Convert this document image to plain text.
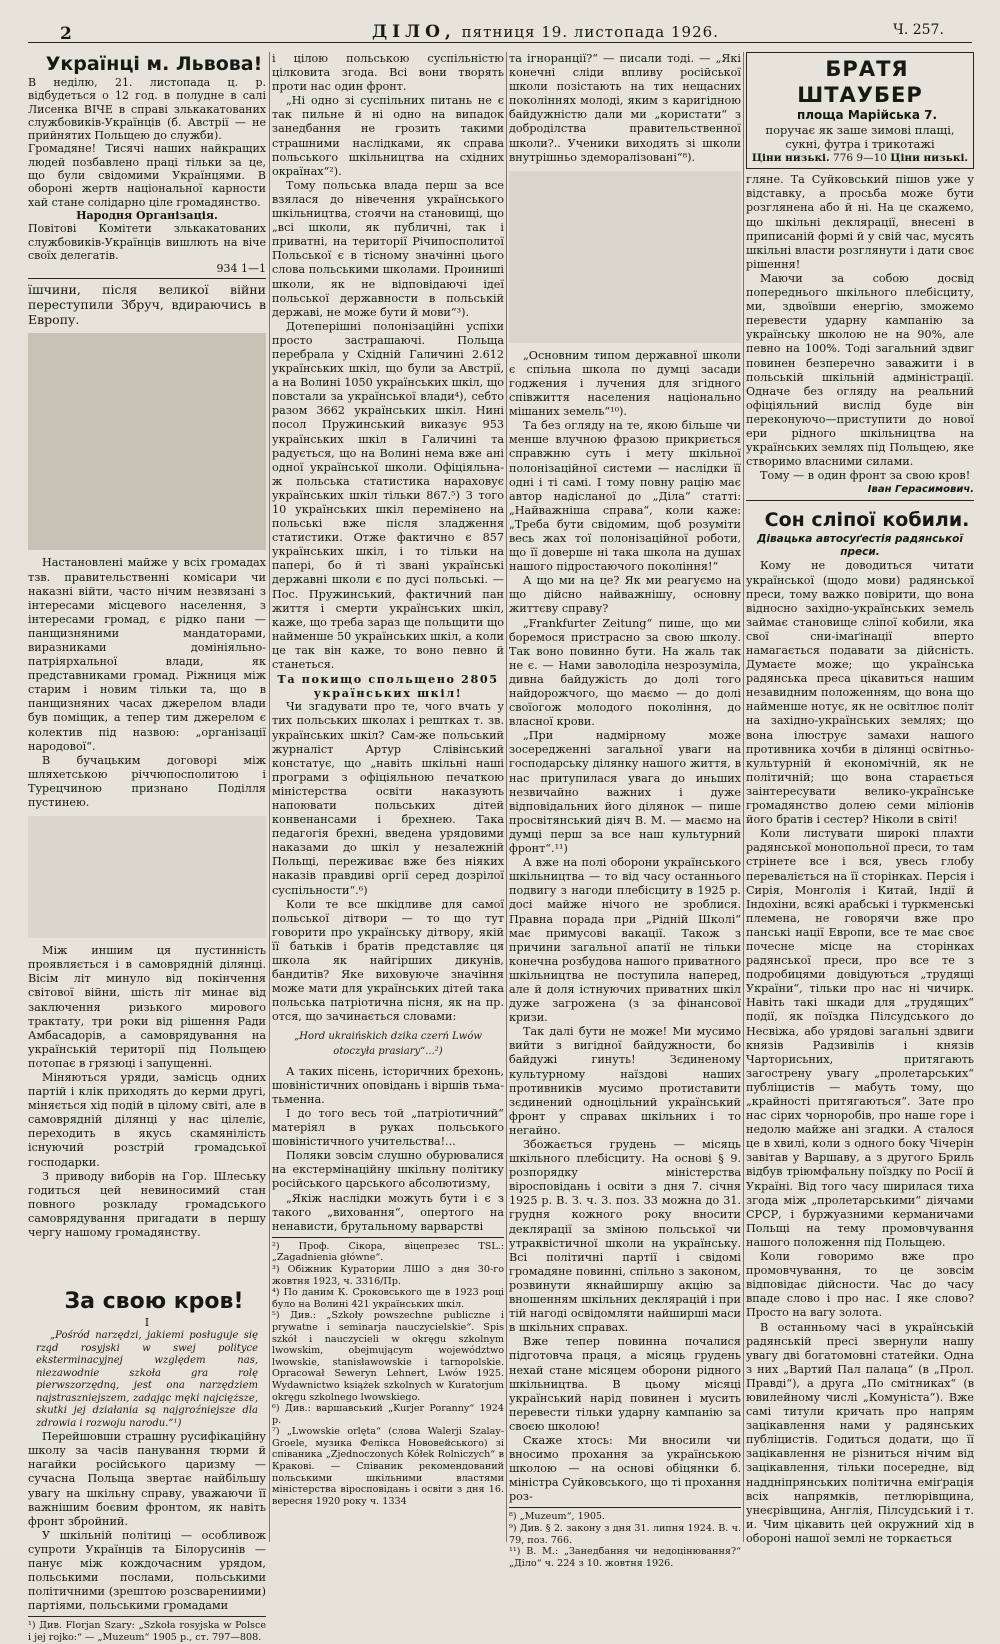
2	ДІЛО, пятниця 19. листопада 1926.	Ч. 257.

Українці м. Львова!

В неділю, 21. листопада ц. р. відбудеться о 12 год. в полудне в салі Лисенка ВІЧЕ в справі злькакатованих службовиків-Українців (б. Австрії — не прийнятих Польщею до служби).
Громадяне! Тисячі наших найкращих людей позбавлено праці тільки за це, що були свідомими Українцями. В обороні жертв національної карности хай стане солідарно ціле громадянство.

Народня Організація.

Повітові Комітети злькакатованих службовиків-Українців вишлють на віче своїх делегатів.

934 1—1

їшчини, після великої війни переступили Збруч, вдираючись в Европу.

Настановлені майже у всіх громадах тзв. правительственні комісари чи наказні війти, часто нічим незвязані з інтересами місцевого населення, з інтересами громад, є рідко пани — панщизняними мандаторами, виразниками домініяльно-патріярхальної влади, як представниками громад. Ріжниця між старим і новим тільки та, що в панщизняних часах джерелом влади був поміщик, а тепер тим джерелом є колектив під назвою: „організації народової“.

В бучацьким договорі між шляхетською річчюпосполитою і Турецчиною признано Поділля пустинею.

Між иншим ця пустинність проявляється і в самоврядній ділянці. Вісім літ минуло від покінчення світової війни, шість літ минає від заключення ризького мирового трактату, три роки від рішення Ради Амбасадорів, а самоврядування на українській території під Польщею потопає в грязюці і запущенні.

Міняються уряди, замісць одних партій і клік приходять до керми другі, міняється хід подій в цілому світі, але в самоврядній ділянці у нас цілеліє, переходить в якусь скамянілість існуючий розстрій громадської господарки.

З приводу виборів на Гор. Шлеську годиться цей невиносимий стан повного розкладу громадського самоврядування пригадати в першу чергу нашому громадянству.

За свою кров!

I

„Pośród narzędzi, jakiemi posługuje się rząd rosyjski w swej polityce eksterminacyjnej względem nas, niezawodnie szkoła gra rolę pierwszorzędną, jest ona narzędziem najstraszniejszem, zadając męki najcięższe, skutki jej działania są najgroźniejsze dla zdrowia i rozwoju narodu.“¹)

Перейшовши страшну русифікаційну школу за часів панування тюрми й нагайки російського царизму — сучасна Польща звертає найбільшу увагу на шкільну справу, уважаючи її важнішим боєвим фронтом, як навіть фронт збройний.

У шкільній політиці — особливож супроти Українців та Білорусинів — панує між кождочасним урядом, польськими послами, польськими політичними (зрештою розсварениими) партіями, польськими громадами

¹) Див. Florjan Szary: „Szkoła rosyjska w Polsce i jej rojko:“ — „Muzeum“ 1905 р., ст. 797—808.

і цілою польською суспільністю цілковита згода. Всі вони творять проти нас один фронт.

„Ні одно зі суспільних питань не є так пильне й ні одно на випадок занедбання не грозить такими страшними наслідками, як справа польського шкільництва на східних окраїнах“²).

Тому польська влада перш за все взялася до нівечення українського шкільництва, стоячи на становищі, що „всі школи, як публичні, так і приватні, на території Річипосполитої Польської є в тісному значінні цього слова польськими школами. Проиниші школи, як не відповідаючі ідеї польської державности в польській державі, не може бути й мови“³).

Дотеперішні полонізаційні успіхи просто застрашаючі. Польща перебрала у Східній Галичині 2.612 українських шкіл, що були за Австрії, а на Волині 1050 українських шкіл, що повстали за української влади⁴), себто разом 3662 українських шкіл. Нині посол Пружинський виказує 953 українських шкіл в Галичині та радується, що на Волині нема вже ані одної української школи. Офіціяльна-ж польська статистика нараховує українських шкіл тільки 867.⁵) З того 10 українських шкіл перемінено на польські вже після зладження статистики. Отже фактично є 857 українських шкіл, і то тільки на папері, бо й ті звані українські державні школи є по дусі польські. — Пос. Пружинський, фактичний пан життя і смерти українських шкіл, каже, що треба зараз ще польщити що найменше 50 українських шкіл, а коли це так він каже, то воно певно й станеться.

Та покищо спольщено 2805 українських шкіл!

Чи згадувати про те, чого вчать у тих польських школах і рештках т. зв. українських шкіл? Сам-же польський журналіст Артур Слівінський констатує, що „навіть шкільні наші програми з офіціяльною печаткою міністерства освіти наказують напоювати польських дітей конвенансами і брехнею. Така педагогія брехні, введена урядовими наказами до шкіл у незалежній Польщі, переживає вже без ніяких наказів правдиві оргії серед дозрілої суспільности“.⁶)

Коли те все шкідливе для самої польської дітвори — то що тут говорити про українську дітвору, якій її батьків і братів представляє ця школа як найгірших дикунів, бандитів? Яке виховуюче значіння може мати для українських дітей така польська патріотична пісня, як на пр. отся, що зачинається словами:

„Hord ukraińskich dzika czerń Lwów otoczyła prasiary“...²)

А таких пісень, історичних брехонь, шовіністичних оповідань і віршів тьма-тьменна.

І до того весь той „патріотичний“ матеріял в руках польського шовіністичного учительства!...

Поляки зовсім слушно обурювалися на екстермінаційну шкільну політику російського царського абсолютизму,

„Якіж наслідки можуть бути і є з такого „виховання“, опертого на ненависти, брутальному варварстві

²) Проф. Сікора, віцепрезес TSL.: „Zagadnienia główne“.
³) Обіжник Куратории ЛШО з дня 30-го жовтня 1923, ч. 3316/Пр.
⁴) По даним К. Сроковського ще в 1923 році було на Волині 421 українських шкіл.
⁵) Див.: „Szkoły powszechne publiczne i prywatne i seminarja nauczycielskie“. Spis szkół i nauczycieli w okręgu szkolnym lwowskim, obejmującym województwo lwowskie, stanisławowskie i tarnopolskie. Opracował Seweryn Lehnert, Lwów 1925. Wydawnictwo książek szkolnych w Kuratorjum okręgu szkolnego lwowskiego.
⁶) Див.: варшавський „Kurjer Poranny“ 1924 р.
⁷) „Lwowskie orlęta“ (слова Walerji Szalay-Groele, музика Фелікса Нововейського) зі співаника „Zjednoczonych Kółek Rolniczych“ в Кракові. — Співаник рекомендований польськими шкільними властями міністерства віросповідань і освіти з дня 16. вересня 1920 року ч. 1334

та ігноранції?“ — писали тоді. — „Які конечні сліди впливу російської школи позістають на тих нещасних поколіннях молоді, яким з каригідною байдужністю дали ми „користати“ з доброділства правительственної школи?.. Ученики виходять зі школи внутрішньо здеморалізовані“⁸).

„Основним типом державної школи є спільна школа по думці засади годжения і лучения для згідного співжиття населения національно мішаних земель“¹⁰).

Та без огляду на те, якою більше чи менше влучною фразою прикриється справжню суть і мету шкільної полонізаційної системи — наслідки її одні і ті самі. І тому повну рацію має автор надісланої до „Діла“ статті: „Найважніша справа“, коли каже: „Треба бути свідомим, щоб розуміти весь жах тої полонізаційної роботи, що її доверше ні така школа на душах нашого підростаючого покоління!“

А що ми на це? Як ми реагуємо на що дійсно найважнішу, основну життєву справу?

„Frankfurter Zeitung“ пише, що ми боремося пристрасно за свою школу. Так воно повинно бути. На жаль так не є. — Нами заволоділа незрозуміла, дивна байдужість до долі того найдорожчого, що маємо — до долі своїогож молодого покоління, до власної крови.

„При надмірному може зосередженні загальної уваги на господарську ділянку нашого життя, в нас притупилася увага до иньших незвичайно важних і дуже відповідальних його ділянок — пише просвітянський діяч В. М. — маємо на думці перш за все наш культурний фронт“.¹¹)

А вже на полі оборони українського шкільництва — то від часу останнього подвигу з нагоди плебісциту в 1925 р. досі майже нічого не зроблися. Правна порада при „Рідній Школі“ має примусові вакації. Також з причини загальної апатії не тільки конечна розбудова нашого приватного шкільництва не поступила наперед, але й доля істнуючих приватних шкіл дуже загрожена (з за фінансової кризи.

Так далі бути не може! Ми мусимо вийти з вигідної байдужности, бо байдужі гинуть! Зєдиненому культурному наїздові наших противників мусимо протиставити зєдинений одноцільний український фронт у справах шкільних і то негайно.

Збожається грудень — місяць шкільного плебісциту. На основі § 9. розпорядку міністерства віросповідань і освіти з дня 7. січня 1925 р. В. З. ч. 3. поз. 33 можна до 31. грудня кожного року вносити деклярації за зміною польської чи утраквістичної школи на українську. Всі політичні партії і свідомі громадяне повинні, спільно з законом, розвинути якнайширшу акцію за вношенням шкільних деклярацій і при тій нагоді освідомляти найширші маси в шкільних справах.

Вже тепер повинна почалися підготовча праця, а місяць грудень нехай стане місяцем оборони рідного шкільництва. В цьому місяці український нарід повинен і мусить перевести тільки ударну кампанію за своєю школою!

Скаже хтось: Ми вносили чи вносимо прохання за українською школою — на основі обіцянки б. міністра Суйковського, що ті прохання роз-

⁸) „Muzeum“, 1905.
⁹) Див. § 2. закону з дня 31. липня 1924. В. ч. 79, поз. 766.
¹¹) В. М.: „Занедбання чи недоцінювання?“ „Діло“ ч. 224 з 10. жовтня 1926.

БРАТЯ ШТАУБЕР

площа Марійська 7.

поручає як заше зимові плащі, сукні, футра і трикотажі

Ціни низькі. 776 9—10 Ціни низькі.

гляне. Та Суйковський пішов уже у відставку, а просьба може бути розглянена або й ні. На це скажемо, що шкільні деклярації, внесені в приписаній формі й у свій час, мусять шкільні власти розглянути і дати своє рішення!

Маючи за собою досвід попереднього шкільного плебісциту, ми, здвоївши енергію, зможемо перевести ударну кампанію за українську школою не на 90%, але певно на 100%. Тоді загальний здвиг повинен безперечно заважити і в польській шкільній адміністрації. Одначе без огляду на реальний офіціяльний вислід буде він переконуючо—приступити до нової ери рідного шкільництва на українських землях під Польщею, яке створимо власними силами.

Тому — в один фронт за свою кров!

Іван Герасимович.

Сон сліпої кобили.

Дівацька автосуґестія радянської преси.

Кому не доводиться читати української (щодо мови) радянської преси, тому важко повірити, що вона відносно західно-українських земель займає становище сліпої кобили, яка свої сни-імаґінації вперто намагається подавати за дійсність. Думаєте може; що українська радянська преса цікавиться нашим незавидним положенням, що вона що найменше нотує, як не освітлює політ на західно-українських землях; що вона ілюструє замахи нашого противника хочби в ділянці освітньо-культурній й економічній, як не політичній; що вона старається заінтересувати велико-українське громадянство долею семи міліонів його братів і сестер? Ніколи в світі!

Коли листувати широкі плахти радянської монопольної преси, то там стрінете все і вся, увесь глобу переваліється на її сторінках. Персія і Сирія, Монголія і Китай, Індії й Індохіни, всякі арабські і туркменські племена, не говорячи вже про панські нації Европи, все те має своє почесне місце на сторінках радянської преси, про все те з подробицями довідуються „трудящі України“, тільки про нас ні чичирк. Навіть такі шкади для „трудящих“ події, як поїздка Пілсудського до Несвіжа, або урядові загальні здвиги князів Радзивілів і князів Чарторисьних, притягають загострену увагу „пролетарських“ публіцистів — мабуть тому, що „крайності притягаються“. Зате про нас сірих чорноробів, про наше горе і недолю майже ані згадки. А сталося це в хвилі, коли з одного боку Чічерін завітав у Варшаву, а з другого Бриль відбув тріюмфальну поїздку по Росії й Україні. Від того часу ширилася тиха згода між „пролетарськими“ діячами СРСР, і буржуазними керманичами Польщі на тему промовчування нашого положення під Польщею.

Коли говоримо вже про промовчування, то це зовсім відповідає дійсности. Час до часу впаде слово і про нас. І яке слово? Просто на вагу золота.

В останньому часі в українській радянській пресі звернули нашу увагу дві богатомовні статейки. Одна з них „Вартий Пал палаца“ (в „Прол. Правді“), а друга „По смітниках“ (в ювилейному числі „Комуніста“). Вже самі титули кричать про напрям зацікавлення нами у радянських публіцистів. Годиться додати, що її зацікавлення не різниться нічим від зацікавлення, тільки посередне, від наддніпрянських політична еміґрація всіх напрямків, петлюрівщина, унеєрівщина, Англія, Пілсудський і т. и. Чим цікавить цей окружний хід в обороні нашої землі не торкається
